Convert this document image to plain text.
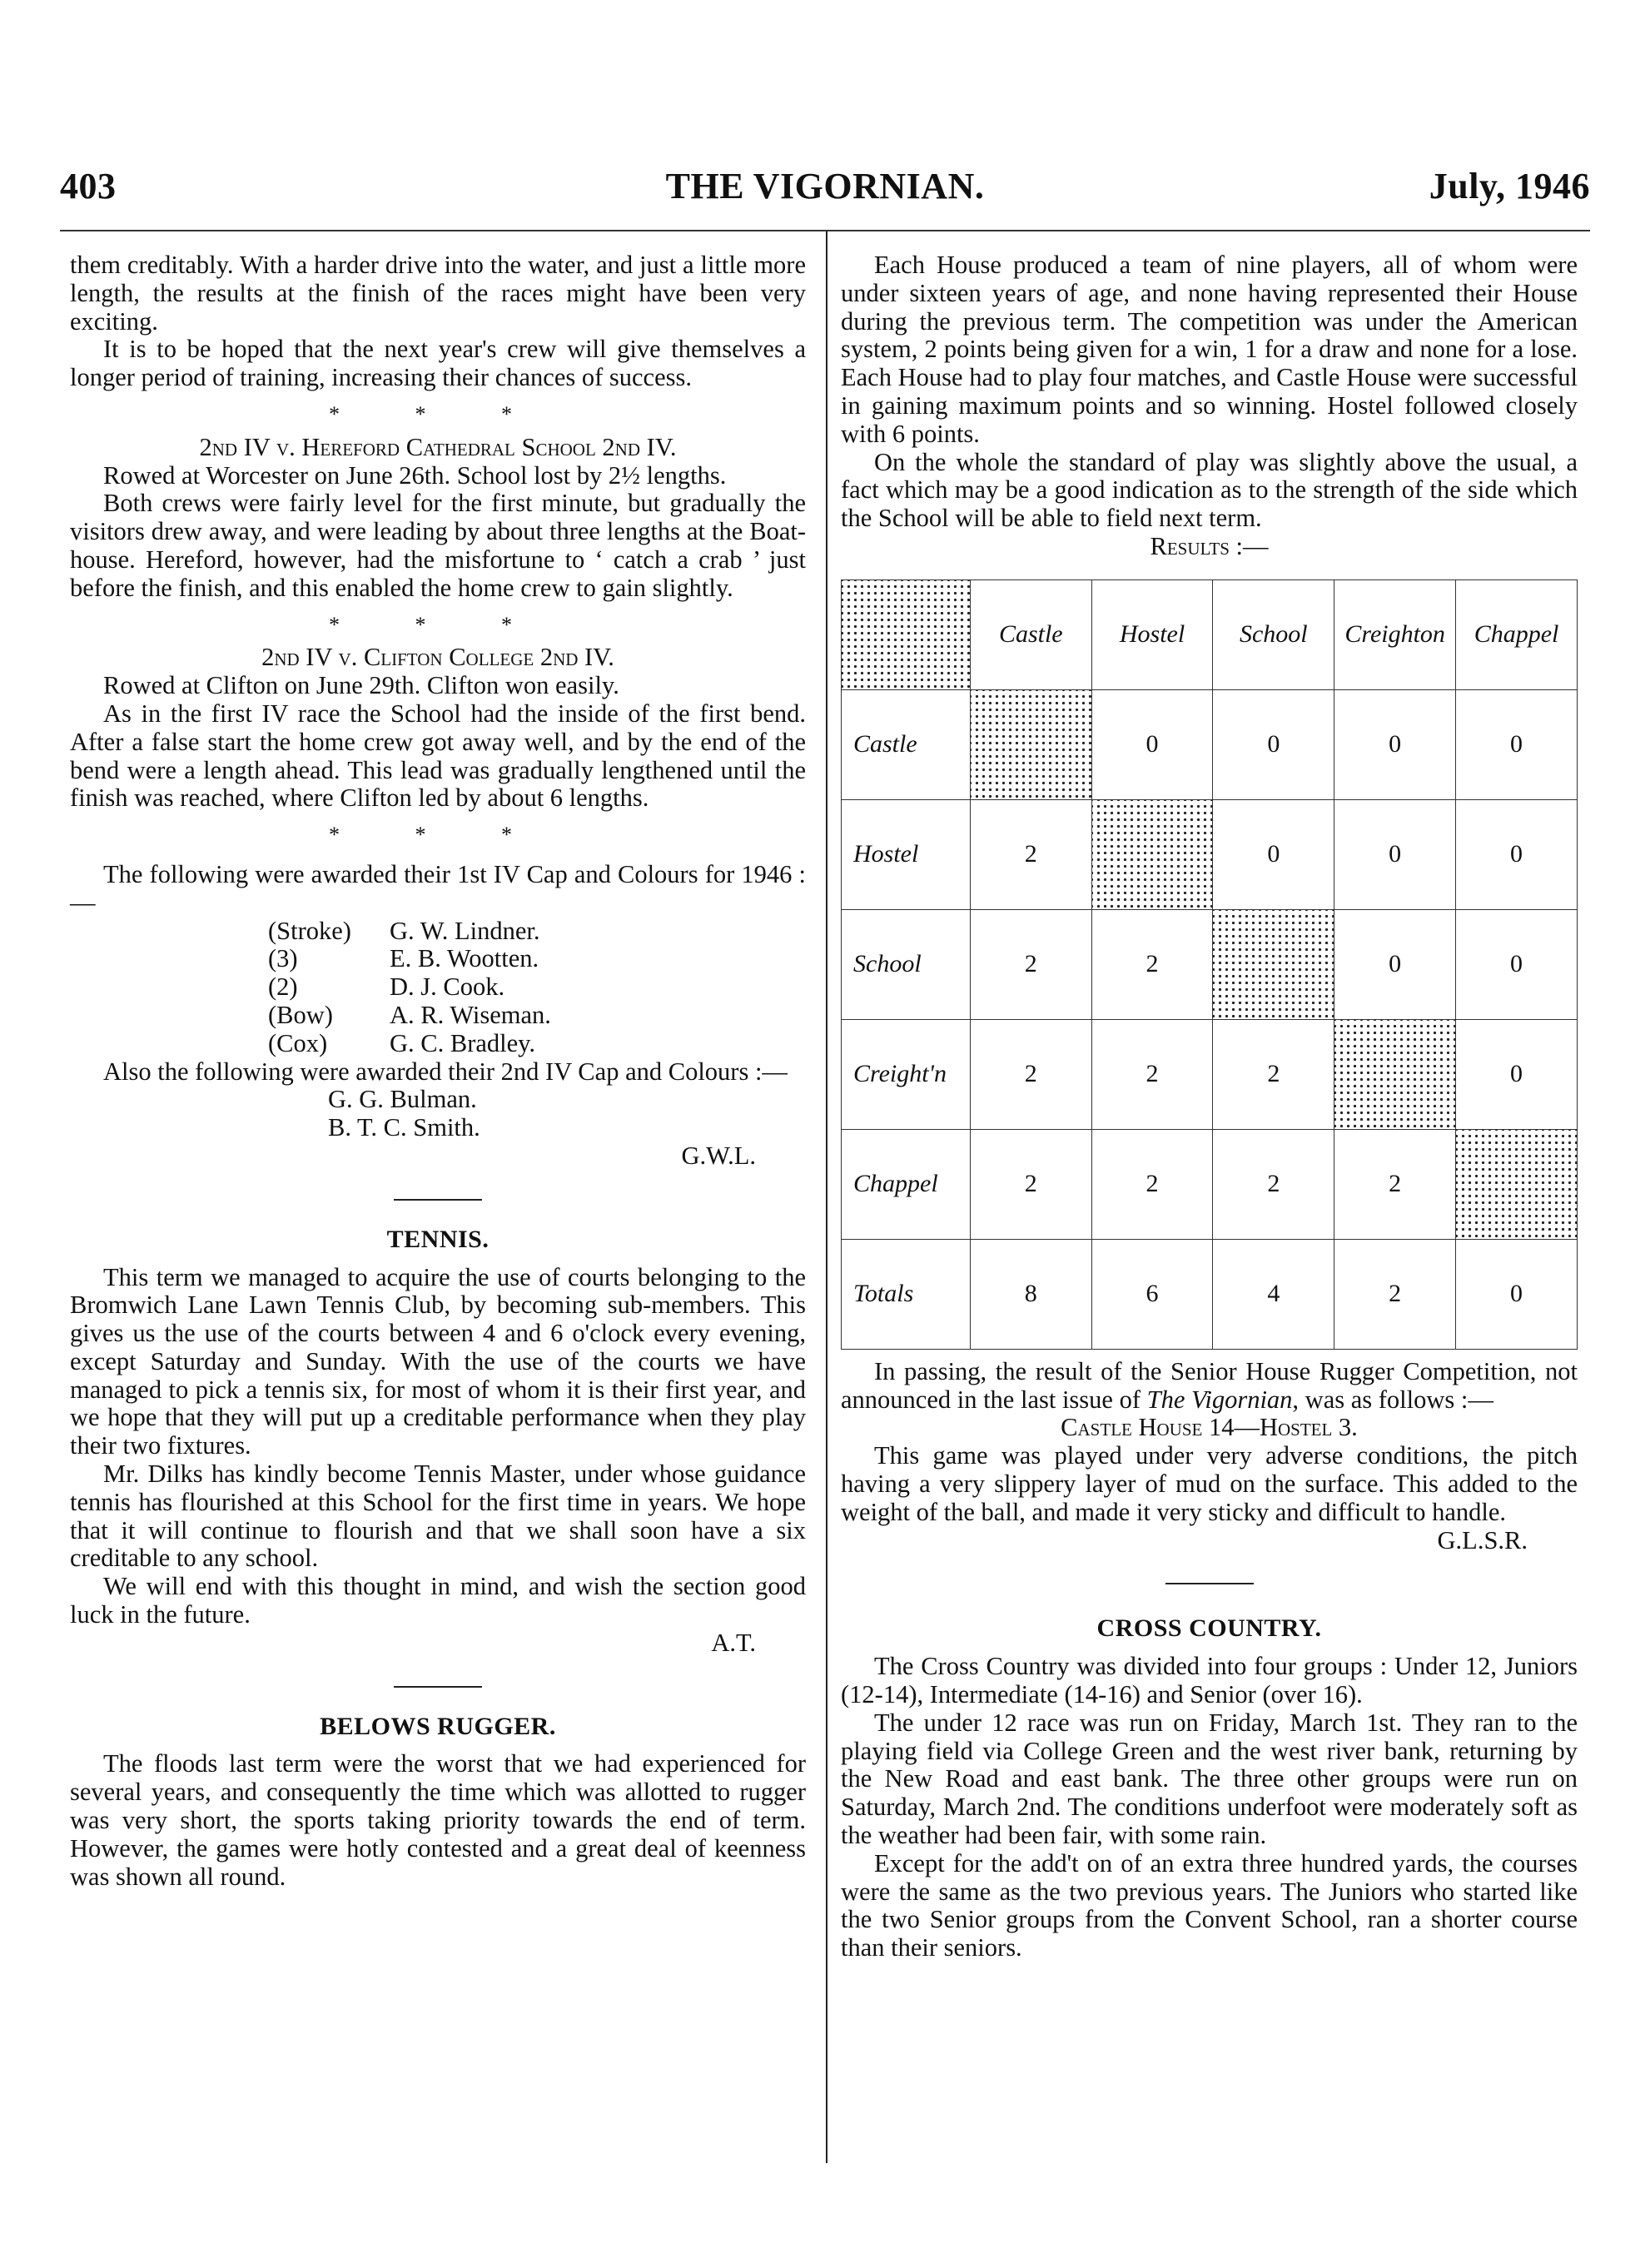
403	THE VIGORNIAN.	July, 1946

them creditably. With a harder drive into the water, and just a little more length, the results at the finish of the races might have been very exciting.

It is to be hoped that the next year's crew will give themselves a longer period of training, increasing their chances of success.

* * *

2nd IV v. Hereford Cathedral School 2nd IV.

Rowed at Worcester on June 26th. School lost by 2½ lengths.

Both crews were fairly level for the first minute, but gradually the visitors drew away, and were leading by about three lengths at the Boat-house. Hereford, however, had the misfortune to ‘ catch a crab ’ just before the finish, and this enabled the home crew to gain slightly.

* * *

2nd IV v. Clifton College 2nd IV.

Rowed at Clifton on June 29th. Clifton won easily.

As in the first IV race the School had the inside of the first bend. After a false start the home crew got away well, and by the end of the bend were a length ahead. This lead was gradually lengthened until the finish was reached, where Clifton led by about 6 lengths.

* * *

The following were awarded their 1st IV Cap and Colours for 1946 :—

(Stroke)	G. W. Lindner.
(3)	E. B. Wootten.
(2)	D. J. Cook.
(Bow)	A. R. Wiseman.
(Cox)	G. C. Bradley.

Also the following were awarded their 2nd IV Cap and Colours :—

G. G. Bulman.
B. T. C. Smith.

G.W.L.

TENNIS.

This term we managed to acquire the use of courts belonging to the Bromwich Lane Lawn Tennis Club, by becoming sub-members. This gives us the use of the courts between 4 and 6 o'clock every evening, except Saturday and Sunday. With the use of the courts we have managed to pick a tennis six, for most of whom it is their first year, and we hope that they will put up a creditable performance when they play their two fixtures.

Mr. Dilks has kindly become Tennis Master, under whose guidance tennis has flourished at this School for the first time in years. We hope that it will continue to flourish and that we shall soon have a six creditable to any school.

We will end with this thought in mind, and wish the section good luck in the future.

A.T.

BELOWS RUGGER.

The floods last term were the worst that we had experienced for several years, and consequently the time which was allotted to rugger was very short, the sports taking priority towards the end of term. However, the games were hotly contested and a great deal of keenness was shown all round.

Each House produced a team of nine players, all of whom were under sixteen years of age, and none having represented their House during the previous term. The competition was under the American system, 2 points being given for a win, 1 for a draw and none for a lose. Each House had to play four matches, and Castle House were successful in gaining maximum points and so winning. Hostel followed closely with 6 points.

On the whole the standard of play was slightly above the usual, a fact which may be a good indication as to the strength of the side which the School will be able to field next term.

Results :—

	Castle	Hostel	School	Creighton	Chappel
Castle		0	0	0	0
Hostel	2		0	0	0
School	2	2		0	0
Creight'n	2	2	2		0
Chappel	2	2	2	2	
Totals	8	6	4	2	0

In passing, the result of the Senior House Rugger Competition, not announced in the last issue of The Vigornian, was as follows :—

Castle House 14—Hostel 3.

This game was played under very adverse conditions, the pitch having a very slippery layer of mud on the surface. This added to the weight of the ball, and made it very sticky and difficult to handle.

G.L.S.R.

CROSS COUNTRY.

The Cross Country was divided into four groups : Under 12, Juniors (12-14), Intermediate (14-16) and Senior (over 16).

The under 12 race was run on Friday, March 1st. They ran to the playing field via College Green and the west river bank, returning by the New Road and east bank. The three other groups were run on Saturday, March 2nd. The conditions underfoot were moderately soft as the weather had been fair, with some rain.

Except for the add't on of an extra three hundred yards, the courses were the same as the two previous years. The Juniors who started like the two Senior groups from the Convent School, ran a shorter course than their seniors.
